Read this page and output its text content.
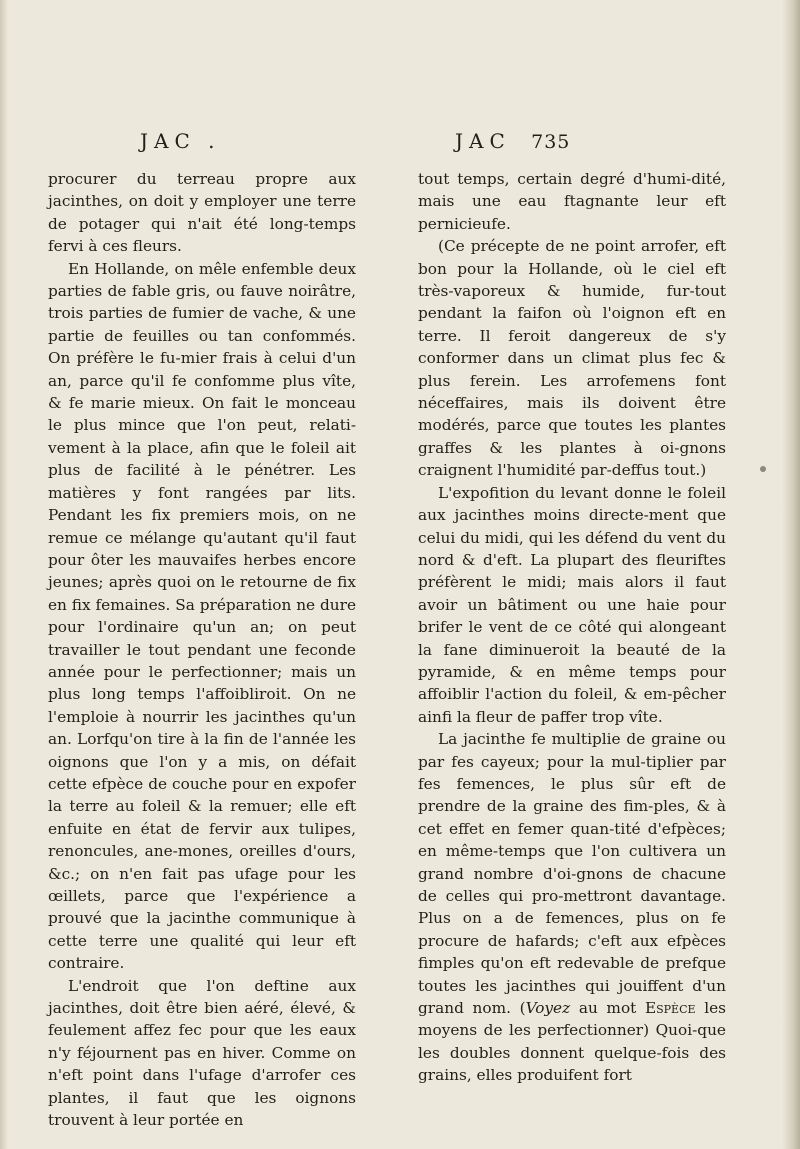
JAC .	JAC 735

procurer du terreau propre aux jacinthes, on doit y employer une terre de potager qui n'ait été long-temps fervi à ces fleurs.

En Hollande, on mêle enfemble deux parties de fable gris, ou fauve noirâtre, trois parties de fumier de vache, & une partie de feuilles ou tan confommés. On préfère le fu-mier frais à celui d'un an, parce qu'il fe confomme plus vîte, & fe marie mieux. On fait le monceau le plus mince que l'on peut, relati-vement à la place, afin que le foleil ait plus de facilité à le pénétrer. Les matières y font rangées par lits. Pendant les fix premiers mois, on ne remue ce mélange qu'autant qu'il faut pour ôter les mauvaifes herbes encore jeunes; après quoi on le retourne de fix en fix femaines. Sa préparation ne dure pour l'ordinaire qu'un an; on peut travailler le tout pendant une feconde année pour le perfectionner; mais un plus long temps l'affoibliroit. On ne l'emploie à nourrir les jacinthes qu'un an. Lorfqu'on tire à la fin de l'année les oignons que l'on y a mis, on défait cette efpèce de couche pour en expofer la terre au foleil & la remuer; elle eft enfuite en état de fervir aux tulipes, renoncules, ane-mones, oreilles d'ours, &c.; on n'en fait pas ufage pour les œillets, parce que l'expérience a prouvé que la jacinthe communique à cette terre une qualité qui leur eft contraire.

L'endroit que l'on deftine aux jacinthes, doit être bien aéré, élevé, & feulement affez fec pour que les eaux n'y féjournent pas en hiver. Comme on n'eft point dans l'ufage d'arrofer ces plantes, il faut que les oignons trouvent à leur portée en

tout temps, certain degré d'humi-dité, mais une eau ftagnante leur eft pernicieufe.

(Ce précepte de ne point arrofer, eft bon pour la Hollande, où le ciel eft très-vaporeux & humide, fur-tout pendant la faifon où l'oignon eft en terre. Il feroit dangereux de s'y conformer dans un climat plus fec & plus ferein. Les arrofemens font néceffaires, mais ils doivent être modérés, parce que toutes les plantes graffes & les plantes à oi-gnons craignent l'humidité par-deffus tout.)

L'expofition du levant donne le foleil aux jacinthes moins directe-ment que celui du midi, qui les défend du vent du nord & d'eft. La plupart des fleuriftes préfèrent le midi; mais alors il faut avoir un bâtiment ou une haie pour brifer le vent de ce côté qui alongeant la fane diminueroit la beauté de la pyramide, & en même temps pour affoiblir l'action du foleil, & em-pêcher ainfi la fleur de paffer trop vîte.

La jacinthe fe multiplie de graine ou par fes cayeux; pour la mul-tiplier par fes femences, le plus sûr eft de prendre de la graine des fim-ples, & à cet effet en femer quan-tité d'efpèces; en même-temps que l'on cultivera un grand nombre d'oi-gnons de chacune de celles qui pro-mettront davantage. Plus on a de femences, plus on fe procure de hafards; c'eft aux efpèces fimples qu'on eft redevable de prefque toutes les jacinthes qui jouiffent d'un grand nom. (Voyez au mot Espèce les moyens de les perfectionner) Quoi-que les doubles donnent quelque-fois des grains, elles produifent fort
